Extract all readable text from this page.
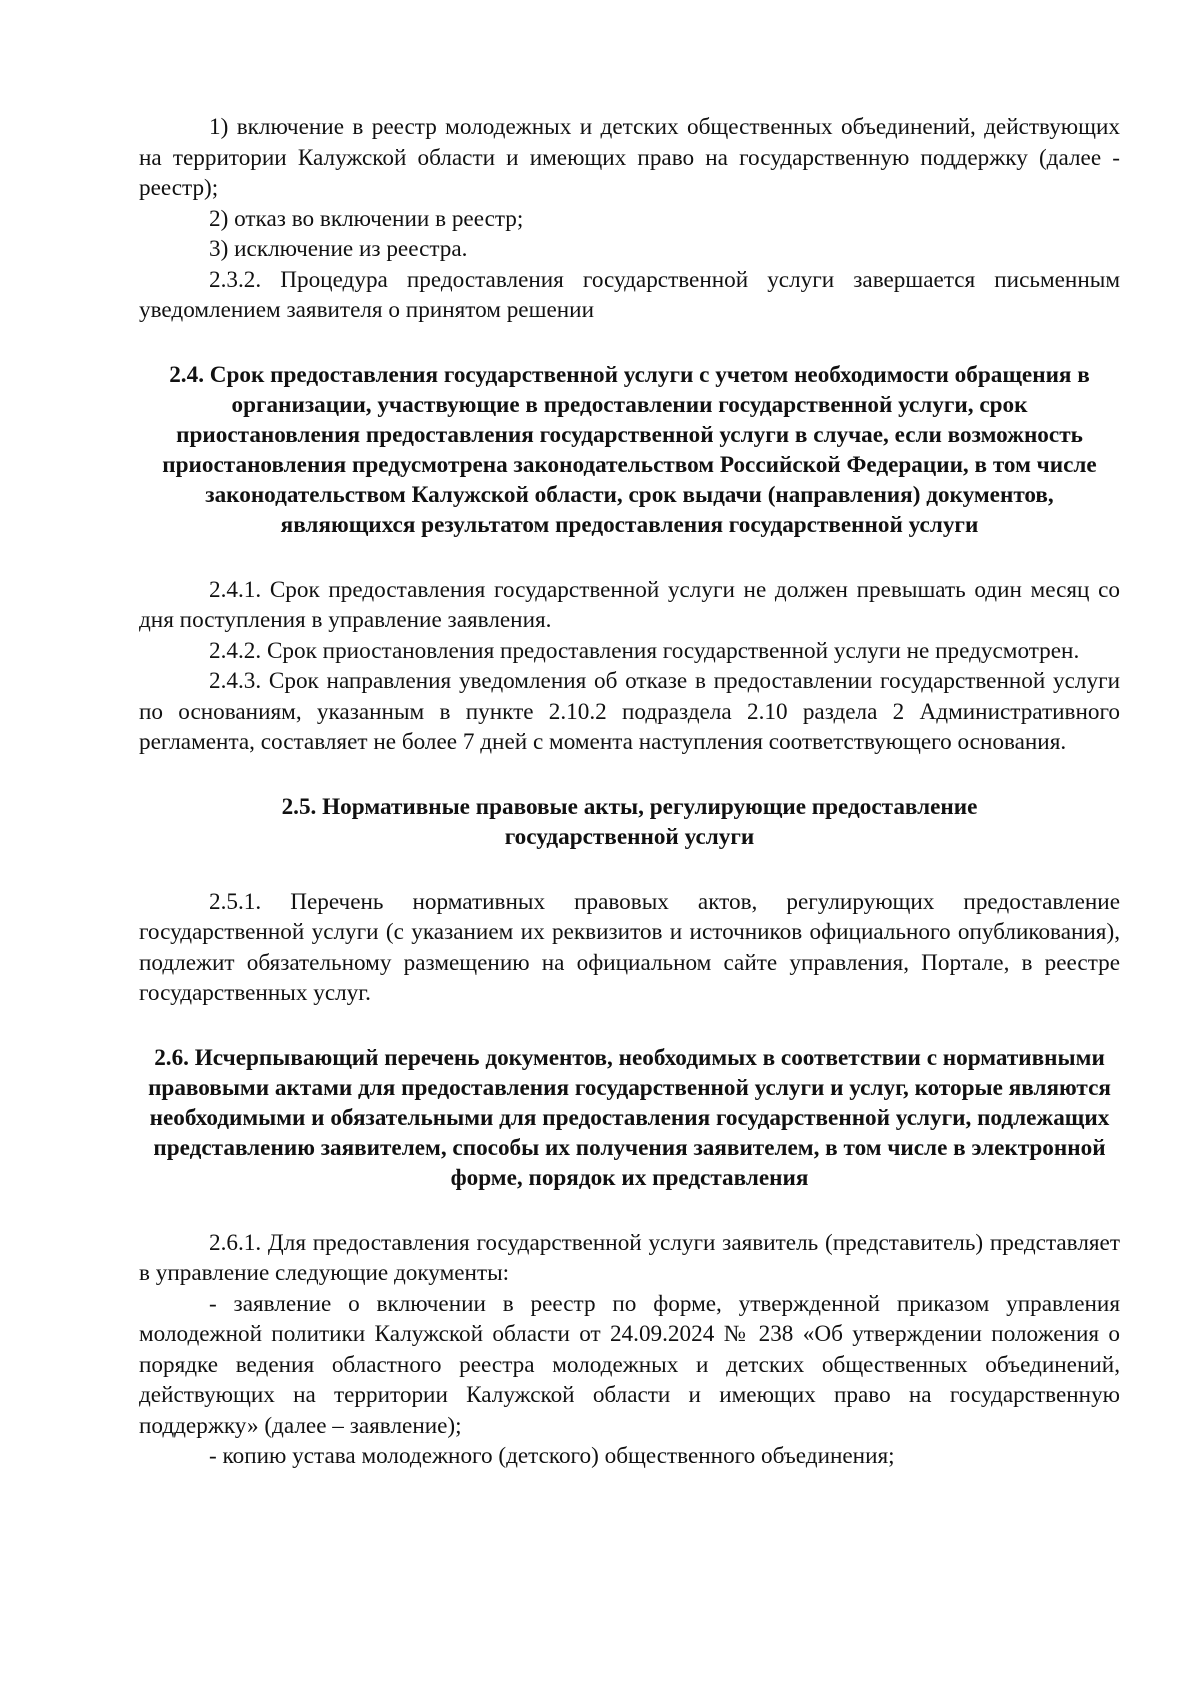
1) включение в реестр молодежных и детских общественных объединений, действующих на территории Калужской области и имеющих право на государственную поддержку (далее - реестр);

2) отказ во включении в реестр;

3) исключение из реестра.

2.3.2. Процедура предоставления государственной услуги завершается письменным уведомлением заявителя о принятом решении

2.4. Срок предоставления государственной услуги с учетом необходимости обращения в организации, участвующие в предоставлении государственной услуги, срок приостановления предоставления государственной услуги в случае, если возможность приостановления предусмотрена законодательством Российской Федерации, в том числе законодательством Калужской области, срок выдачи (направления) документов, являющихся результатом предоставления государственной услуги

2.4.1. Срок предоставления государственной услуги не должен превышать один месяц со дня поступления в управление заявления.

2.4.2. Срок приостановления предоставления государственной услуги не предусмотрен.

2.4.3. Срок направления уведомления об отказе в предоставлении государственной услуги по основаниям, указанным в пункте 2.10.2 подраздела 2.10 раздела 2 Административного регламента, составляет не более 7 дней с момента наступления соответствующего основания.

2.5. Нормативные правовые акты, регулирующие предоставление государственной услуги

2.5.1. Перечень нормативных правовых актов, регулирующих предоставление государственной услуги (с указанием их реквизитов и источников официального опубликования), подлежит обязательному размещению на официальном сайте управления, Портале, в реестре государственных услуг.

2.6. Исчерпывающий перечень документов, необходимых в соответствии с нормативными правовыми актами для предоставления государственной услуги и услуг, которые являются необходимыми и обязательными для предоставления государственной услуги, подлежащих представлению заявителем, способы их получения заявителем, в том числе в электронной форме, порядок их представления

2.6.1. Для предоставления государственной услуги заявитель (представитель) представляет в управление следующие документы:

- заявление о включении в реестр по форме, утвержденной приказом управления молодежной политики Калужской области от 24.09.2024 № 238 «Об утверждении положения о порядке ведения областного реестра молодежных и детских общественных объединений, действующих на территории Калужской области и имеющих право на государственную поддержку» (далее – заявление);

- копию устава молодежного (детского) общественного объединения;
